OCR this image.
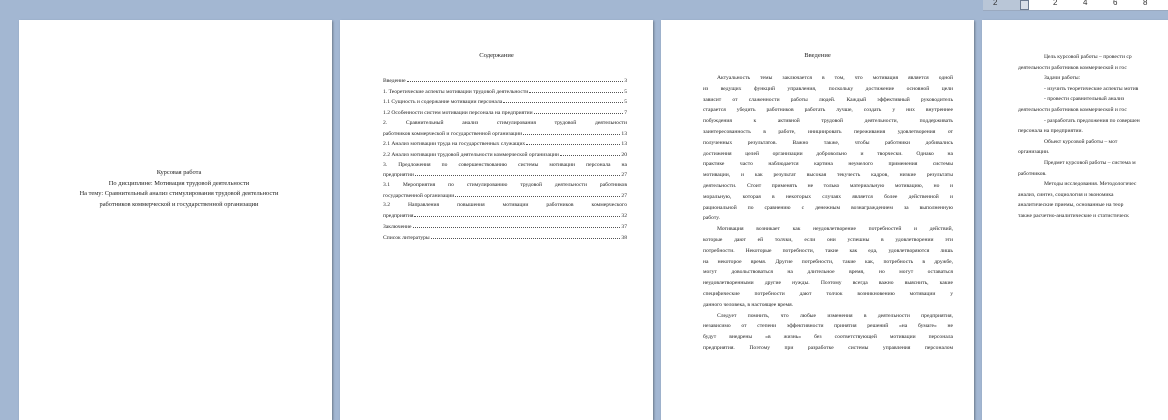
2	2	4	6	8
Курсовая работа
По дисциплине: Мотивация трудовой деятельности
На тему: Сравнительный анализ стимулирования трудовой деятельности
работников коммерческой и государственной организации
Содержание
Введение	3
1. Теоретические аспекты мотивации трудовой деятельности	5
1.1 Сущность и содержание мотивации персонала	5
1.2 Особенности систем мотивации персонала на предприятии	7
2. Сравнительный анализ стимулирования трудовой деятельности
работников коммерческой и государственной организации	13
2.1 Анализ мотивации труда на государственных служащих	13
2.2 Анализ мотивации трудовой деятельности коммерческой организации	20
3. Предложения по совершенствованию системы мотивации персонала на
предприятии	27
3.1 Мероприятия по стимулированию трудовой деятельности работников
государственной организации	27
3.2 Направления повышения мотивации работников коммерческого
предприятия	32
Заключение	37
Список литературы	38
Введение
Актуальность темы заключается в том, что мотивация является одной
из ведущих функций управления, поскольку достижение основной цели
зависит от слаженности работы людей. Каждый эффективный руководитель
старается убедить работников работать лучше, создать у них внутреннее
побуждения к активной трудовой деятельности, поддерживать
заинтересованность в работе, инициировать переживания удовлетворения от
полученных результатов. Важно также, чтобы работники добивались
достижения целей организации добровольно и творчески. Однако на
практике часто наблюдается картина неумелого применения системы
мотивации, и как результат высокая текучесть кадров, низкие результаты
деятельности. Стоит применять не только материальную мотивацию, но и
моральную, которая в некоторых случаях является более действенной и
рациональной по сравнению с денежным вознаграждением за выполненную
работу.
Мотивация возникает как неудовлетворение потребностей и действий,
которые дают ей толчки, если они успешны в удовлетворении эти
потребности. Некоторые потребности, такие как еда, удовлетворяются лишь
на некоторое время. Другие потребности, такие как, потребность в дружбе,
могут довольствоваться на длительное время, но могут оставаться
неудовлетворенными другие нужды. Поэтому всегда важно выяснить, какие
специфические потребности дают толчок возникновению мотивации у
данного человека, в настоящее время.
Следует помнить, что любые изменения в деятельности предприятия,
независимо от степени эффективности принятия решений «на бумаге» не
будут внедрены «в жизнь» без соответствующей мотивации персонала
предприятия. Поэтому при разработке системы управления персоналом
Цель курсовой работы – провести ср
деятельности работников коммерческой и гос
Задачи работы:
- изучить теоретические аспекты мотив
- провести сравнительный анализ
деятельности работников коммерческой и гос
- разработать предложения по совершен
персонала на предприятии.
Объект курсовой работы – мот
организации.
Предмет курсовой работы – система м
работников.
Методы исследования. Методологичес
анализ, синтез, социология и экономика
аналитические приемы, основанные на теор
также расчетно-аналитические и статистическ
